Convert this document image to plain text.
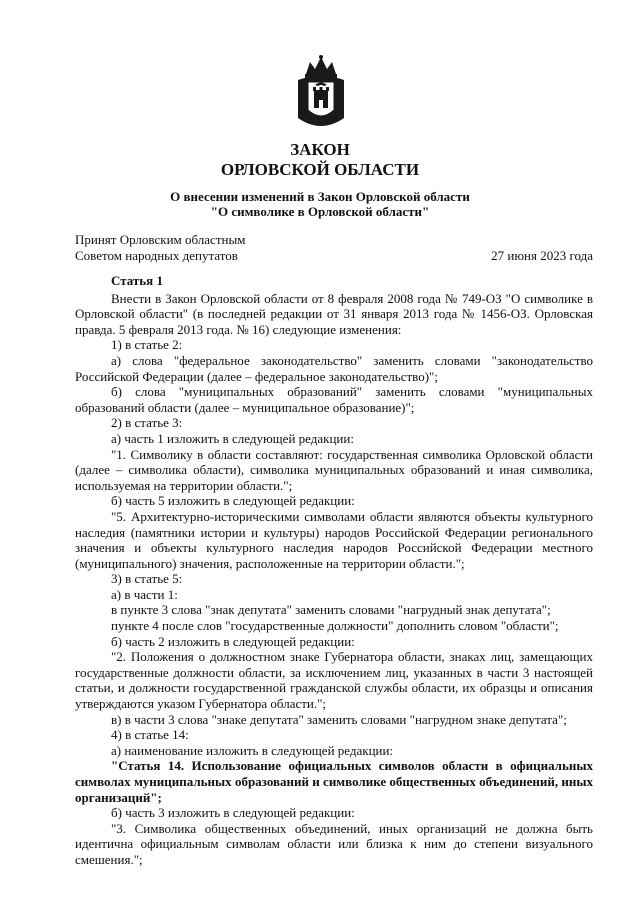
ЗАКОН
ОРЛОВСКОЙ ОБЛАСТИ
О внесении изменений в Закон Орловской области
"О символике в Орловской области"
Принят Орловским областным
Советом народных депутатов	27 июня 2023 года

Статья 1

Внести в Закон Орловской области от 8 февраля 2008 года № 749-ОЗ "О символике в Орловской области" (в последней редакции от 31 января 2013 года № 1456-ОЗ. Орловская правда. 5 февраля 2013 года. № 16) следующие изменения:

1) в статье 2:

а) слова "федеральное законодательство" заменить словами "законодательство Российской Федерации (далее – федеральное законодательство)";

б) слова "муниципальных образований" заменить словами "муниципальных образований области (далее – муниципальное образование)";

2) в статье 3:

а) часть 1 изложить в следующей редакции:

"1. Символику в области составляют: государственная символика Орловской области (далее – символика области), символика муниципальных образований и иная символика, используемая на территории области.";

б) часть 5 изложить в следующей редакции:

"5. Архитектурно-историческими символами области являются объекты культурного наследия (памятники истории и культуры) народов Российской Федерации регионального значения и объекты культурного наследия народов Российской Федерации местного (муниципального) значения, расположенные на территории области.";

3) в статье 5:

а) в части 1:

в пункте 3 слова "знак депутата" заменить словами "нагрудный знак депутата";

пункте 4 после слов "государственные должности" дополнить словом "области";

б) часть 2 изложить в следующей редакции:

"2. Положения о должностном знаке Губернатора области, знаках лиц, замещающих государственные должности области, за исключением лиц, указанных в части 3 настоящей статьи, и должности государственной гражданской службы области, их образцы и описания утверждаются указом Губернатора области.";

в) в части 3 слова "знаке депутата" заменить словами "нагрудном знаке депутата";

4) в статье 14:

а) наименование изложить в следующей редакции:

"Статья 14. Использование официальных символов области в официальных символах муниципальных образований и символике общественных объединений, иных организаций";

б) часть 3 изложить в следующей редакции:

"3. Символика общественных объединений, иных организаций не должна быть идентична официальным символам области или близка к ним до степени визуального смешения.";
